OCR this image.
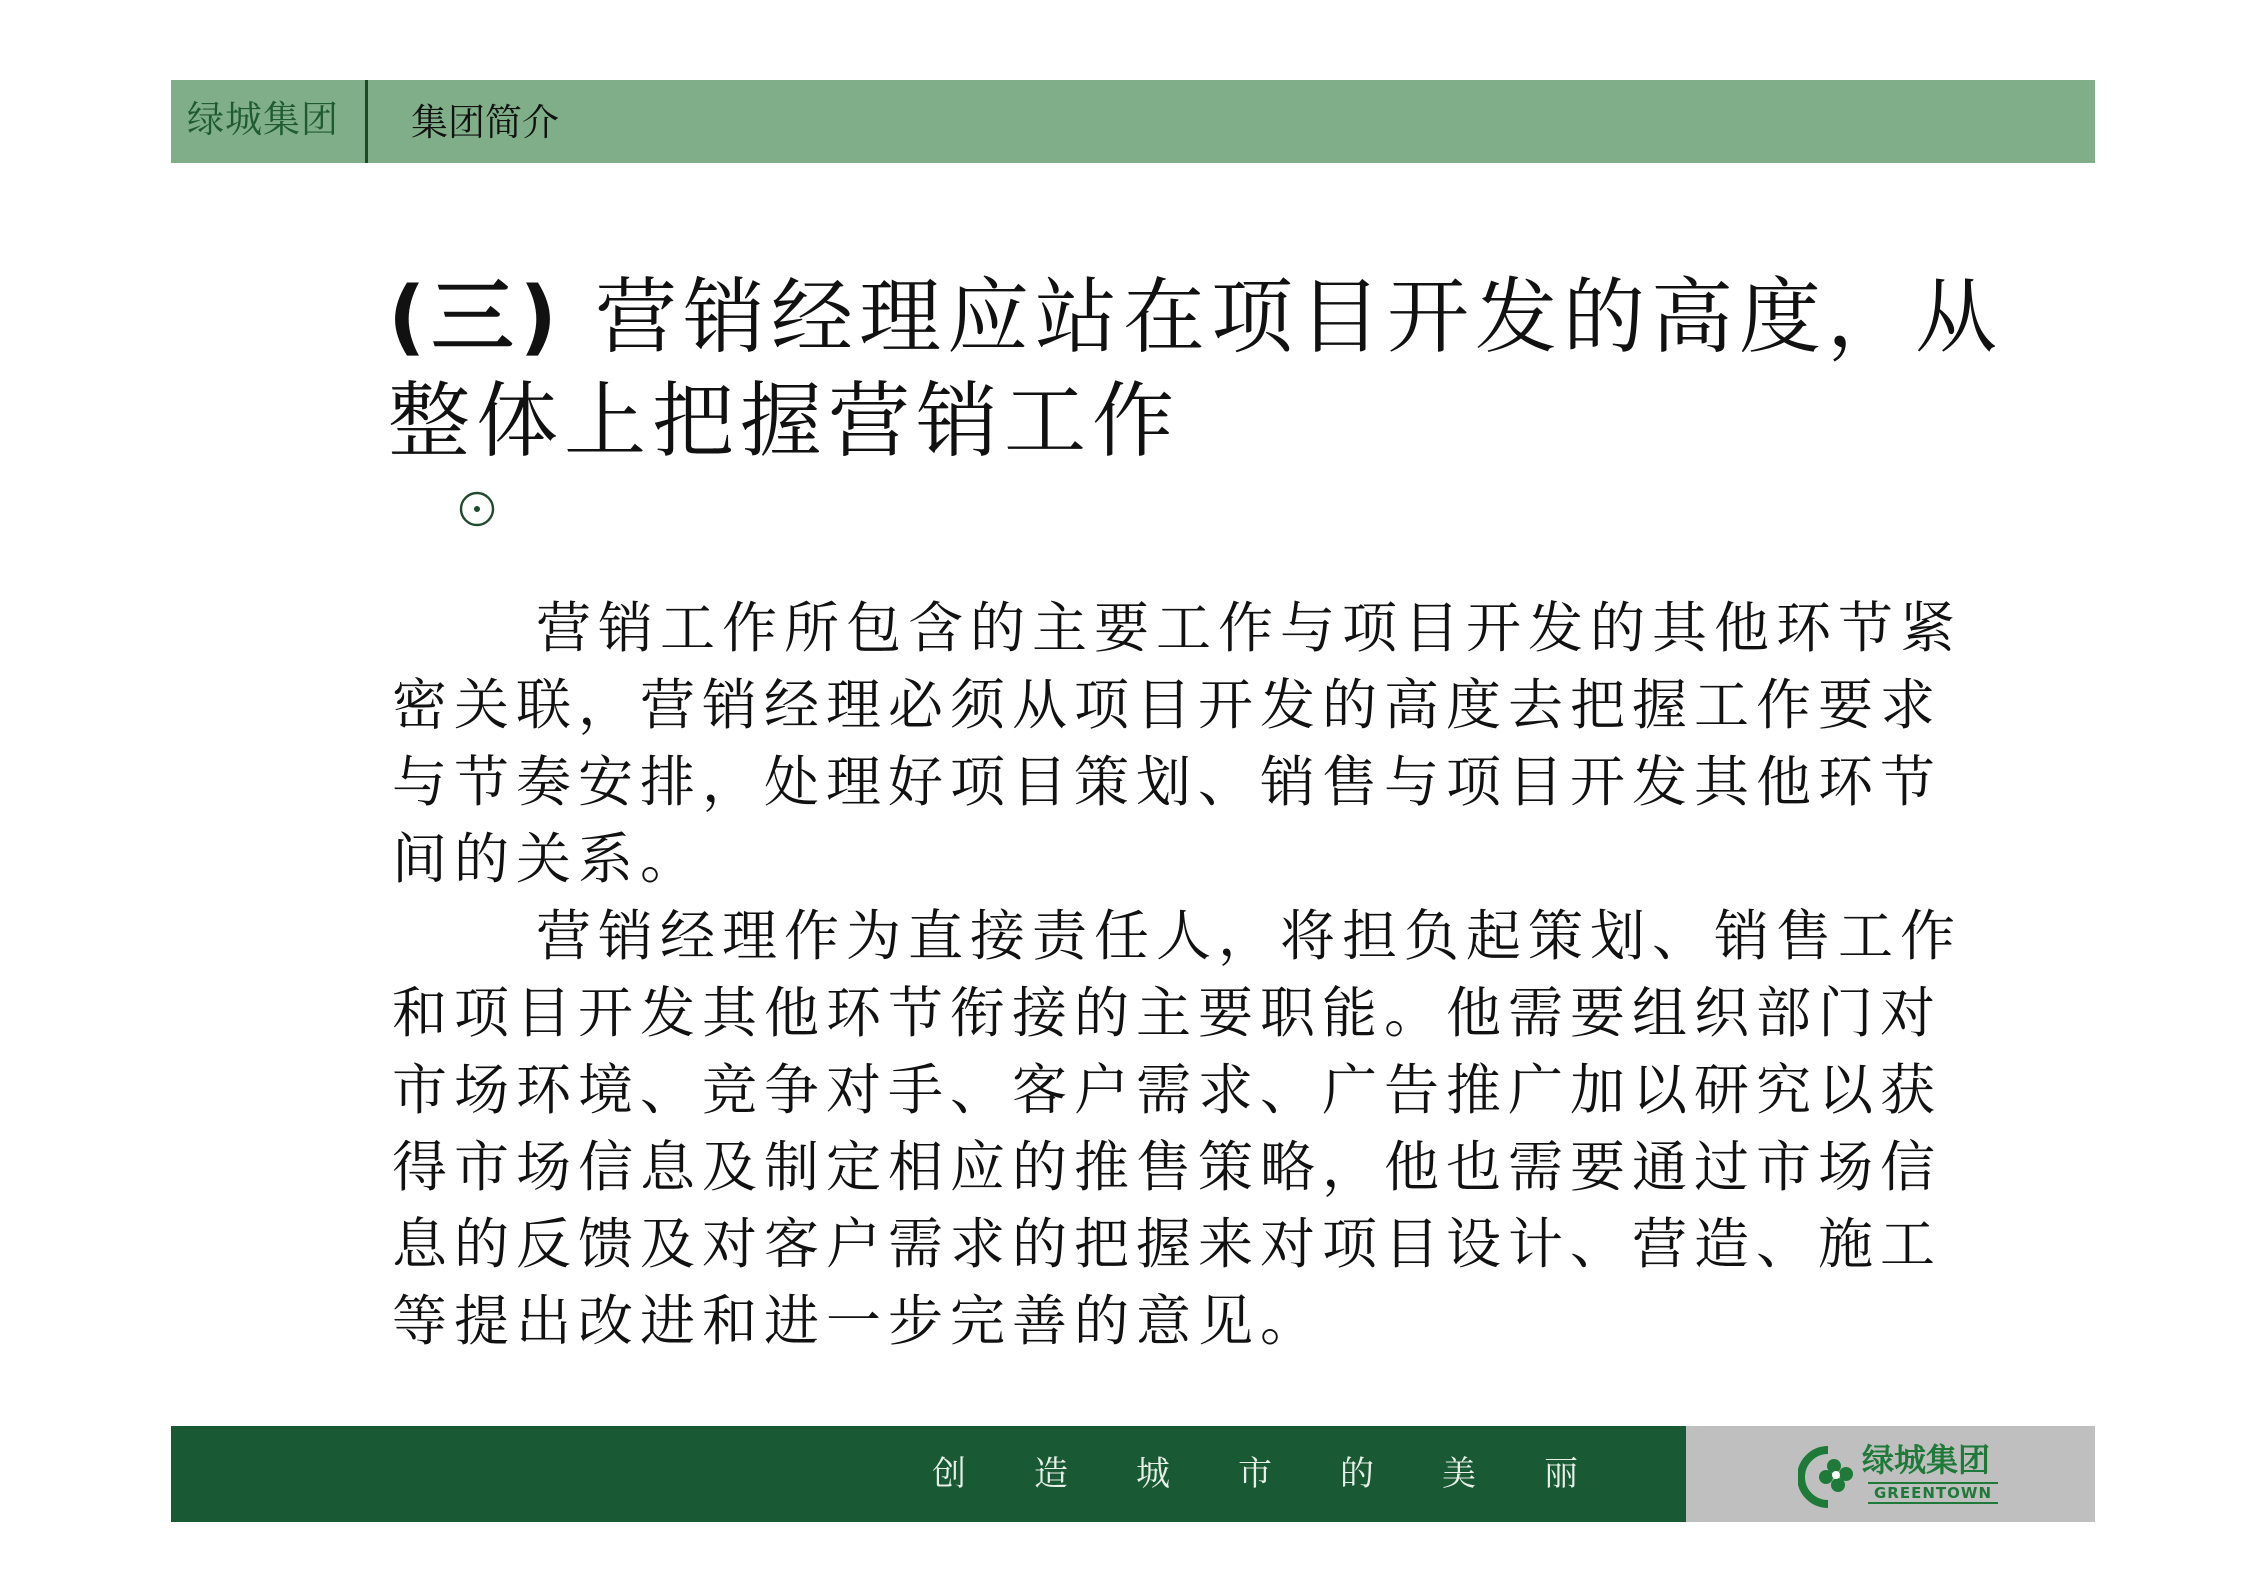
绿城集团 集团简介
(三) 营销经理应站在项目开发的高度，从整体上把握营销工作

营销工作所包含的主要工作与项目开发的其他环节紧密关联，营销经理必须从项目开发的高度去把握工作要求与节奏安排，处理好项目策划、销售与项目开发其他环节间的关系。

营销经理作为直接责任人，将担负起策划、销售工作和项目开发其他环节衔接的主要职能。他需要组织部门对市场环境、竞争对手、客户需求、广告推广加以研究以获得市场信息及制定相应的推售策略，他也需要通过市场信息的反馈及对客户需求的把握来对项目设计、营造、施工等提出改进和进一步完善的意见。

创造城市的美丽	绿城集团
GREENTOWN
